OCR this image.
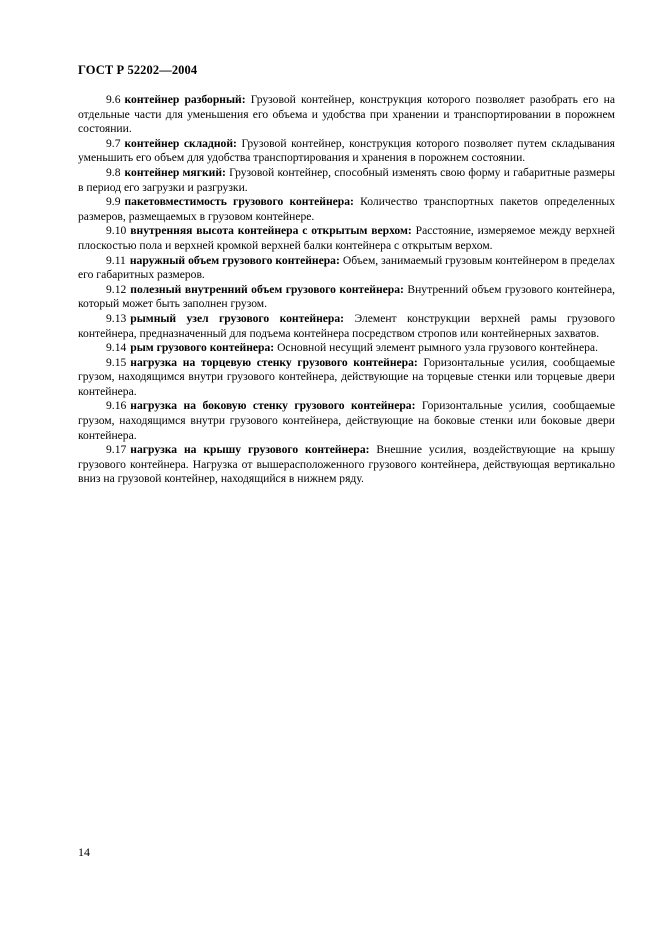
ГОСТ Р 52202—2004

9.6 контейнер разборный: Грузовой контейнер, конструкция которого позволяет разобрать его на отдельные части для уменьшения его объема и удобства при хранении и транспортировании в порожнем состоянии.

9.7 контейнер складной: Грузовой контейнер, конструкция которого позволяет путем складывания уменьшить его объем для удобства транспортирования и хранения в порожнем состоянии.

9.8 контейнер мягкий: Грузовой контейнер, способный изменять свою форму и габаритные размеры в период его загрузки и разгрузки.

9.9 пакетовместимость грузового контейнера: Количество транспортных пакетов определенных размеров, размещаемых в грузовом контейнере.

9.10 внутренняя высота контейнера с открытым верхом: Расстояние, измеряемое между верхней плоскостью пола и верхней кромкой верхней балки контейнера с открытым верхом.

9.11 наружный объем грузового контейнера: Объем, занимаемый грузовым контейнером в пределах его габаритных размеров.

9.12 полезный внутренний объем грузового контейнера: Внутренний объем грузового контейнера, который может быть заполнен грузом.

9.13 рымный узел грузового контейнера: Элемент конструкции верхней рамы грузового контейнера, предназначенный для подъема контейнера посредством стропов или контейнерных захватов.

9.14 рым грузового контейнера: Основной несущий элемент рымного узла грузового контейнера.

9.15 нагрузка на торцевую стенку грузового контейнера: Горизонтальные усилия, сообщаемые грузом, находящимся внутри грузового контейнера, действующие на торцевые стенки или торцевые двери контейнера.

9.16 нагрузка на боковую стенку грузового контейнера: Горизонтальные усилия, сообщаемые грузом, находящимся внутри грузового контейнера, действующие на боковые стенки или боковые двери контейнера.

9.17 нагрузка на крышу грузового контейнера: Внешние усилия, воздействующие на крышу грузового контейнера. Нагрузка от вышерасположенного грузового контейнера, действующая вертикально вниз на грузовой контейнер, находящийся в нижнем ряду.

14
